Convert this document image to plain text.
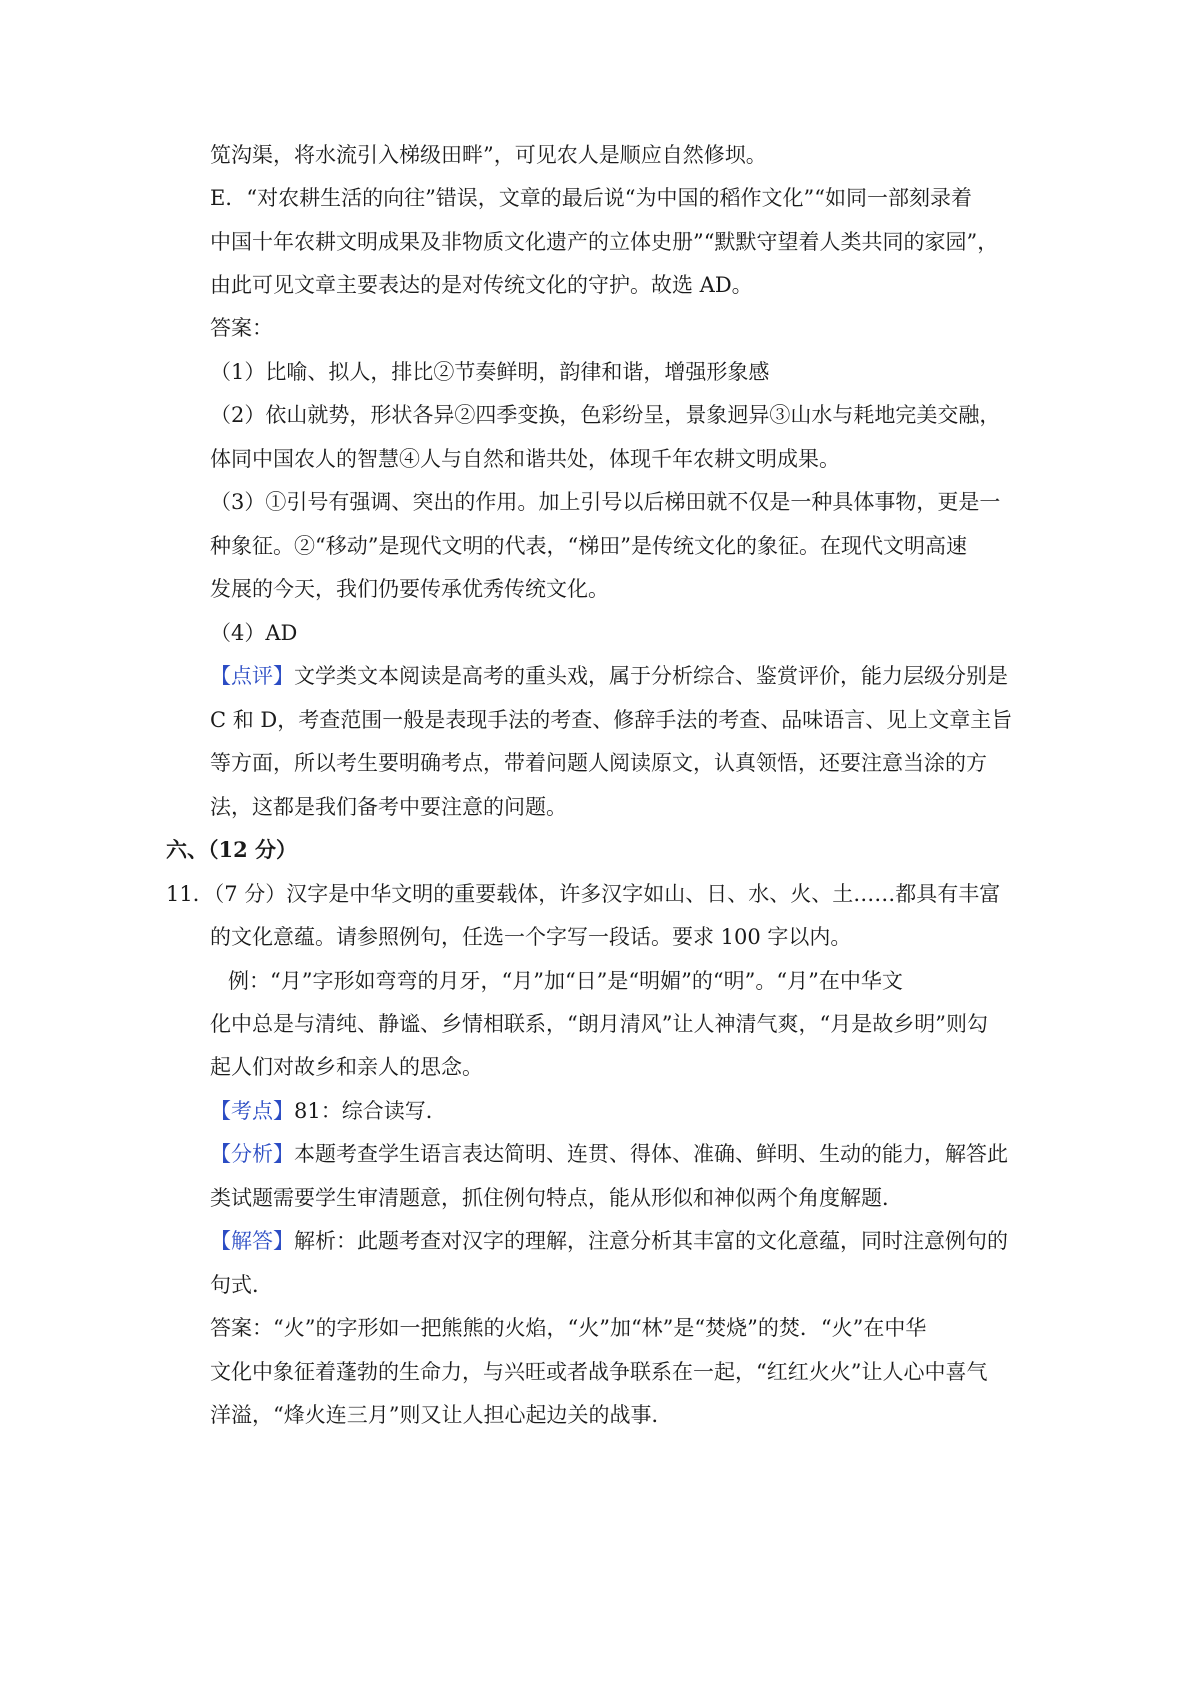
笕沟渠，将水流引入梯级田畔”，可见农人是顺应自然修坝。
E．“对农耕生活的向往”错误，文章的最后说“为中国的稻作文化”“如同一部刻录着
中国十年农耕文明成果及非物质文化遗产的立体史册”“默默守望着人类共同的家园”，
由此可见文章主要表达的是对传统文化的守护。故选 AD。
答案：
（1）比喻、拟人，排比②节奏鲜明，韵律和谐，增强形象感
（2）依山就势，形状各异②四季变换，色彩纷呈，景象迥异③山水与耗地完美交融，
体同中国农人的智慧④人与自然和谐共处，体现千年农耕文明成果。
（3）①引号有强调、突出的作用。加上引号以后梯田就不仅是一种具体事物，更是一
种象征。②“移动”是现代文明的代表，“梯田”是传统文化的象征。在现代文明高速
发展的今天，我们仍要传承优秀传统文化。
（4）AD
【点评】文学类文本阅读是高考的重头戏，属于分析综合、鉴赏评价，能力层级分别是
C 和 D，考查范围一般是表现手法的考查、修辞手法的考查、品味语言、见上文章主旨
等方面，所以考生要明确考点，带着问题人阅读原文，认真领悟，还要注意当涂的方
法，这都是我们备考中要注意的问题。
六、（12 分）
11．（7 分）汉字是中华文明的重要载体，许多汉字如山、日、水、火、土……都具有丰富
的文化意蕴。请参照例句，任选一个字写一段话。要求 100 字以内。
例：“月”字形如弯弯的月牙，“月”加“日”是“明媚”的“明”。“月”在中华文
化中总是与清纯、静谧、乡情相联系，“朗月清风”让人神清气爽，“月是故乡明”则勾
起人们对故乡和亲人的思念。
【考点】81：综合读写．
【分析】本题考查学生语言表达简明、连贯、得体、准确、鲜明、生动的能力，解答此
类试题需要学生审清题意，抓住例句特点，能从形似和神似两个角度解题．
【解答】解析：此题考查对汉字的理解，注意分析其丰富的文化意蕴，同时注意例句的
句式．
答案：“火”的字形如一把熊熊的火焰，“火”加“林”是“焚烧”的焚．“火”在中华
文化中象征着蓬勃的生命力，与兴旺或者战争联系在一起，“红红火火”让人心中喜气
洋溢，“烽火连三月”则又让人担心起边关的战事．
